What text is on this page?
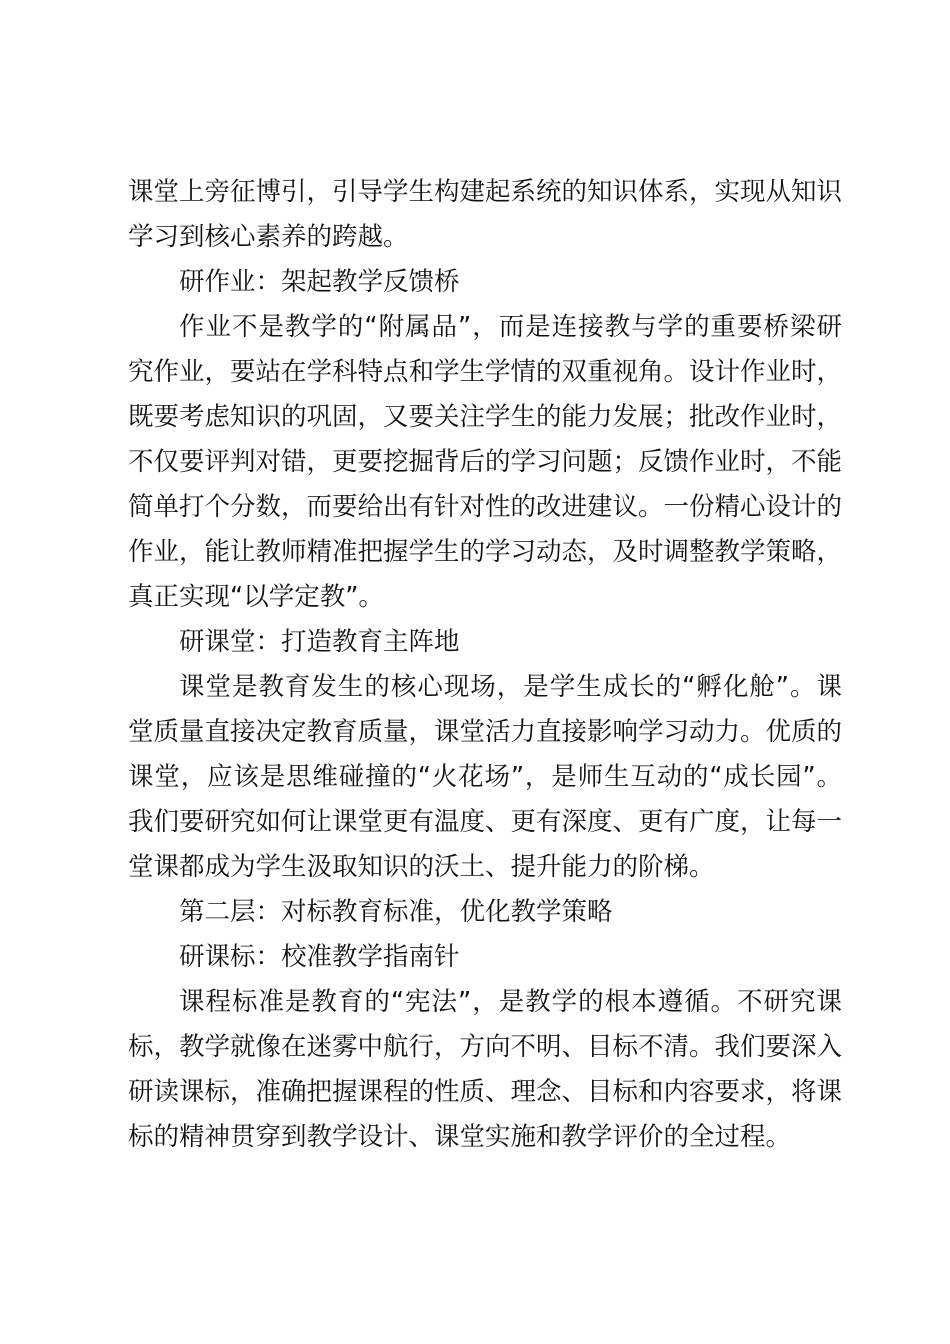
课堂上旁征博引，引导学生构建起系统的知识体系，实现从知识学习到核心素养的跨越。

研作业：架起教学反馈桥

作业不是教学的“附属品”，而是连接教与学的重要桥梁研究作业，要站在学科特点和学生学情的双重视角。设计作业时，既要考虑知识的巩固，又要关注学生的能力发展；批改作业时，不仅要评判对错，更要挖掘背后的学习问题；反馈作业时，不能简单打个分数，而要给出有针对性的改进建议。一份精心设计的作业，能让教师精准把握学生的学习动态，及时调整教学策略，真正实现“以学定教”。

研课堂：打造教育主阵地

课堂是教育发生的核心现场，是学生成长的“孵化舱”。课堂质量直接决定教育质量，课堂活力直接影响学习动力。优质的课堂，应该是思维碰撞的“火花场”，是师生互动的“成长园”。我们要研究如何让课堂更有温度、更有深度、更有广度，让每一堂课都成为学生汲取知识的沃土、提升能力的阶梯。

第二层：对标教育标准，优化教学策略

研课标：校准教学指南针

课程标准是教育的“宪法”，是教学的根本遵循。不研究课标，教学就像在迷雾中航行，方向不明、目标不清。我们要深入研读课标，准确把握课程的性质、理念、目标和内容要求，将课标的精神贯穿到教学设计、课堂实施和教学评价的全过程。
